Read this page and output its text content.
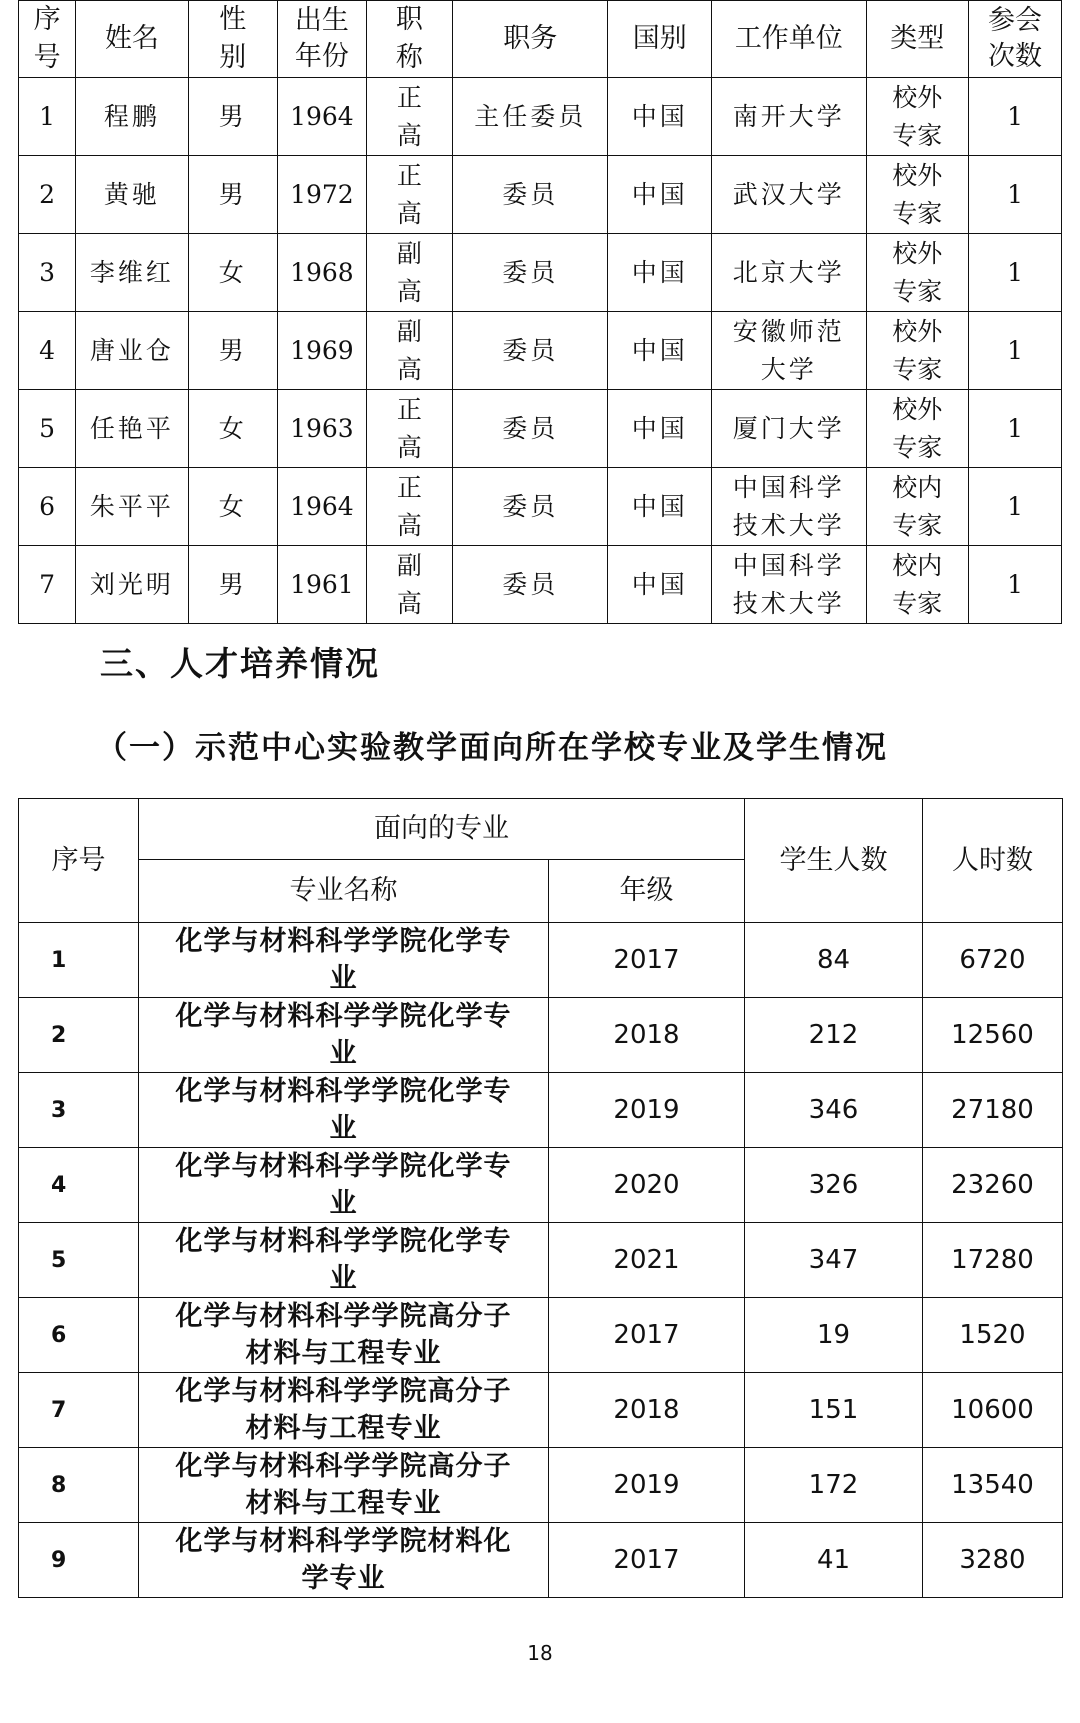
序号	姓名	性别	出生年份	职称	职务	国别	工作单位	类型	参会次数
1	程鹏	男	1964	正高	主任委员	中国	南开大学	校外专家	1
2	黄驰	男	1972	正高	委员	中国	武汉大学	校外专家	1
3	李维红	女	1968	副高	委员	中国	北京大学	校外专家	1
4	唐业仓	男	1969	副高	委员	中国	安徽师范大学	校外专家	1
5	任艳平	女	1963	正高	委员	中国	厦门大学	校外专家	1
6	朱平平	女	1964	正高	委员	中国	中国科学技术大学	校内专家	1
7	刘光明	男	1961	副高	委员	中国	中国科学技术大学	校内专家	1
三、人才培养情况
（一）示范中心实验教学面向所在学校专业及学生情况
序号	面向的专业		学生人数	人时数
	专业名称	年级		
1	化学与材料科学学院化学专业	2017	84	6720
2	化学与材料科学学院化学专业	2018	212	12560
3	化学与材料科学学院化学专业	2019	346	27180
4	化学与材料科学学院化学专业	2020	326	23260
5	化学与材料科学学院化学专业	2021	347	17280
6	化学与材料科学学院高分子材料与工程专业	2017	19	1520
7	化学与材料科学学院高分子材料与工程专业	2018	151	10600
8	化学与材料科学学院高分子材料与工程专业	2019	172	13540
9	化学与材料科学学院材料化学专业	2017	41	3280
18
